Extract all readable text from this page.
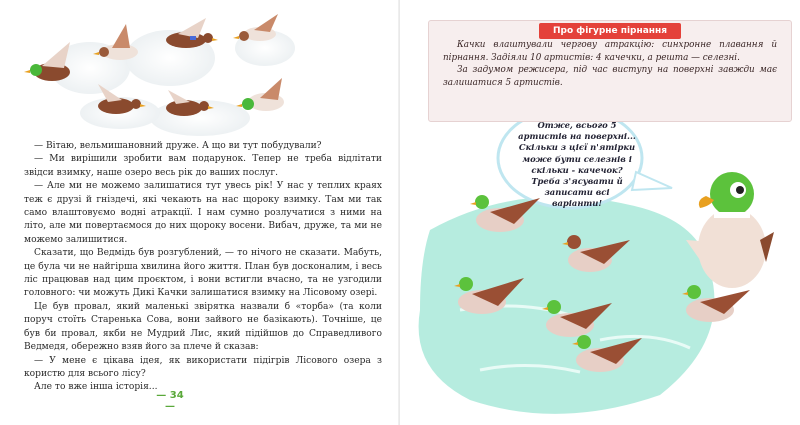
— Вітаю, вельмишановний друже. А що ви тут побудували?

— Ми вирішили зробити вам подарунок. Тепер не треба відлітати звідси взимку, наше озеро весь рік до ваших послуг.

— Але ми не можемо залишатися тут увесь рік! У нас у теплих краях теж є друзі й гніздечі, які чекають на нас щороку взимку. Там ми так само влаштовуємо водні атракції. І нам сумно розлучатися з ними на літо, але ми повертаємося до них щороку восени. Вибач, друже, та ми не можемо залишитися.

Сказати, що Ведмідь був розгублений, — то нічого не сказати. Мабуть, це була чи не найгірша хвилина його життя. План був досконалим, і весь ліс працював над цим проєктом, і вони встигли вчасно, та не узгодили головного: чи можуть Дикі Качки залишатися взимку на Лісовому озері.

Це був провал, який маленькі звірятка назвали б «торба» (та коли поруч стоїть Старенька Сова, вони зайвого не базікають). Точніше, це був би провал, якби не Мудрий Лис, який підійшов до Справедливого Ведмедя, обережно взяв його за плече й сказав:

— У мене є цікава ідея, як використати підігрів Лісового озера з користю для всього лісу?

Але то вже інша історія...

— 34 —
Про фігурне пірнання

Качки влаштували чергову атракцію: синхронне плавання й пірнання. Задіяли 10 артистів: 4 качечки, а решта — селезні.

За задумом режисера, під час виступу на поверхні завжди має залишатися 5 артистів.

Отже, всього 5 артистів на поверхні... Скільки з цієї п'ятірки може бути селезнів і скільки - качечок? Треба з'ясувати й записати всі варіанти!
